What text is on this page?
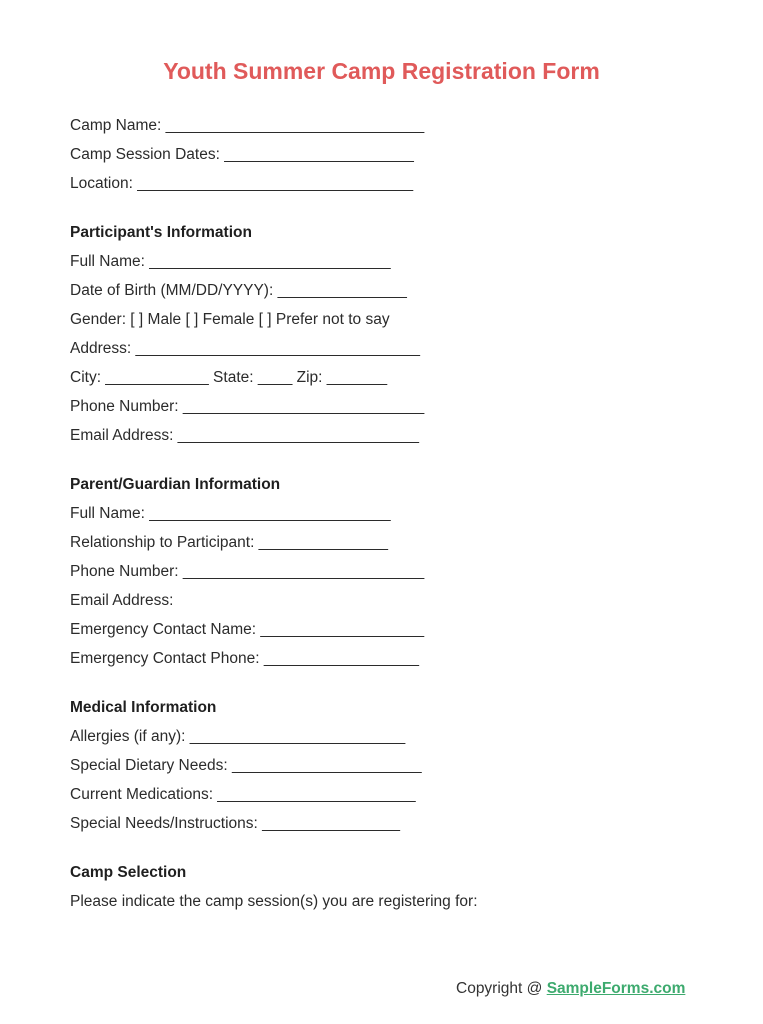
Youth Summer Camp Registration Form
Camp Name: ______________________________
Camp Session Dates: ______________________
Location: ________________________________
Participant's Information
Full Name: ____________________________
Date of Birth (MM/DD/YYYY): _______________
Gender: [ ] Male [ ] Female [ ] Prefer not to say
Address: _________________________________
City: ____________ State: ____ Zip: _______
Phone Number: ____________________________
Email Address: ____________________________
Parent/Guardian Information
Full Name: ____________________________
Relationship to Participant: _______________
Phone Number: ____________________________
Email Address:
Emergency Contact Name: ___________________
Emergency Contact Phone: __________________
Medical Information
Allergies (if any): _________________________
Special Dietary Needs: ______________________
Current Medications: _______________________
Special Needs/Instructions: ________________
Camp Selection
Please indicate the camp session(s) you are registering for:
Copyright @ SampleForms.com
